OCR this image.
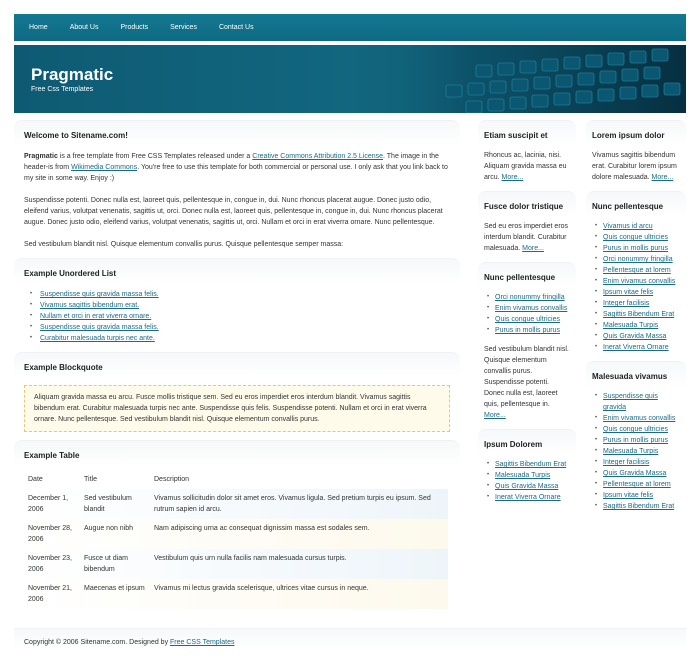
Home	About Us	Products	Services	Contact Us
Pragmatic
Free Css Templates
Welcome to Sitename.com!

Pragmatic is a free template from Free CSS Templates released under a Creative Commons Attribution 2.5 License. The image in the header-is from Wikimedia Commons. You're free to use this template for both commercial or personal use. I only ask that you link back to my site in some way. Enjoy :)

Suspendisse potenti. Donec nulla est, laoreet quis, pellentesque in, congue in, dui. Nunc rhoncus placerat augue. Donec justo odio, eleifend varius, volutpat venenatis, sagittis ut, orci. Donec nulla est, laoreet quis, pellentesque in, congue in, dui. Nunc rhoncus placerat augue. Donec justo odio, eleifend varius, volutpat venenatis, sagittis ut, orci. Nullam et orci in erat viverra ornare. Nunc pellentesque.

Sed vestibulum blandit nisl. Quisque elementum convallis purus. Quisque pellentesque semper massa:

Example Unordered List
• Suspendisse quis gravida massa felis.
• Vivamus sagittis bibendum erat.
• Nullam et orci in erat viverra ornare.
• Suspendisse quis gravida massa felis.
• Curabitur malesuada turpis nec ante.
Example Blockquote
Aliquam gravida massa eu arcu. Fusce mollis tristique sem. Sed eu eros imperdiet eros interdum blandit. Vivamus sagittis bibendum erat. Curabitur malesuada turpis nec ante. Suspendisse quis felis. Suspendisse potenti. Nullam et orci in erat viverra ornare. Nunc pellentesque. Sed vestibulum blandit nisl. Quisque elementum convallis purus.
Example Table
Date	Title	Description
December 1, 2006	Sed vestibulum blandit	Vivamus sollicitudin dolor sit amet eros. Vivamus ligula. Sed pretium turpis eu ipsum. Sed rutrum sapien id arcu.
November 28, 2006	Augue non nibh	Nam adipiscing urna ac consequat dignissim massa est sodales sem.
November 23, 2006	Fusce ut diam bibendum	Vestibulum quis urn nulla facilis nam malesuada cursus turpis.
November 21, 2006	Maecenas et ipsum	Vivamus mi lectus gravida scelerisque, ultrices vitae cursus in neque.
Etiam suscipit et
Rhoncus ac, lacinia, nisi. Aliquam gravida massa eu arcu. More...
Fusce dolor tristique
Sed eu eros imperdiet eros interdum blandit. Curabitur malesuada. More...
Nunc pellentesque
• Orci nonummy fringilla
• Enim vivamus convallis
• Quis congue ultricies
• Purus in mollis purus
Sed vestibulum blandit nisl. Quisque elementum convallis purus. Suspendisse potenti. Donec nulla est, laoreet quis, pellentesque in. More...
Ipsum Dolorem
• Sagittis Bibendum Erat
• Malesuada Turpis
• Quis Gravida Massa
• Inerat Viverra Ornare
Lorem ipsum dolor
Vivamus sagittis bibendum erat. Curabitur lorem ipsum dolore malesuada. More...
Nunc pellentesque
• Vivamus id arcu
• Quis congue ultricies
• Purus in mollis purus
• Orci nonummy fringilla
• Pellentesque at lorem
• Enim vivamus convallis
• Ipsum vitae felis
• Integer facilisis
• Sagittis Bibendum Erat
• Malesuada Turpis
• Quis Gravida Massa
• Inerat Viverra Ornare
Malesuada vivamus
• Suspendisse quis gravida
• Enim vivamus convallis
• Quis congue ultricies
• Purus in mollis purus
• Malesuada Turpis
• Integer facilisis
• Quis Gravida Massa
• Pellentesque at lorem
• Ipsum vitae felis
• Sagittis Bibendum Erat
Copyright © 2006 Sitename.com. Designed by Free CSS Templates
